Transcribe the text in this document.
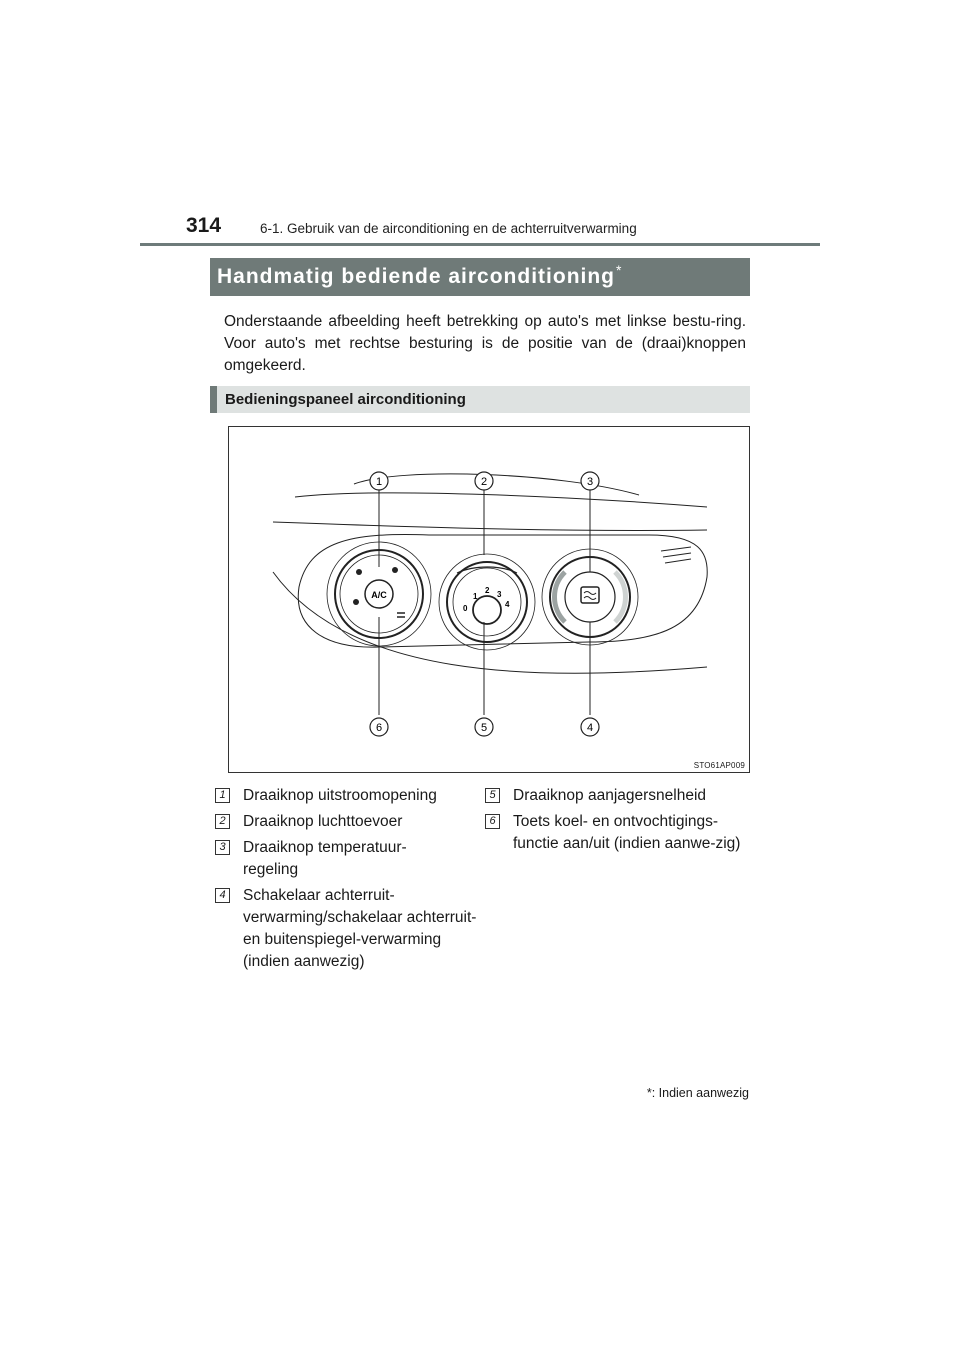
314	6-1. Gebruik van de airconditioning en de achterruitverwarming
Handmatig bediende airconditioning *
Onderstaande afbeelding heeft betrekking op auto's met linkse bestu-ring. Voor auto's met rechtse besturing is de positie van de (draai)knoppen omgekeerd.
Bedieningspaneel airconditioning
A/C
0
1
2 3
4
1	2	3
6	5	4
STO61AP009
1 Draaiknop uitstroomopening
2 Draaiknop luchttoevoer
3 Draaiknop temperatuur-regeling
4 Schakelaar achterruit-verwarming/schakelaar achterruit- en buitenspiegel-verwarming (indien aanwezig)
5 Draaiknop aanjagersnelheid
6 Toets koel- en ontvochtigings-functie aan/uit (indien aanwe-zig)
*: Indien aanwezig
